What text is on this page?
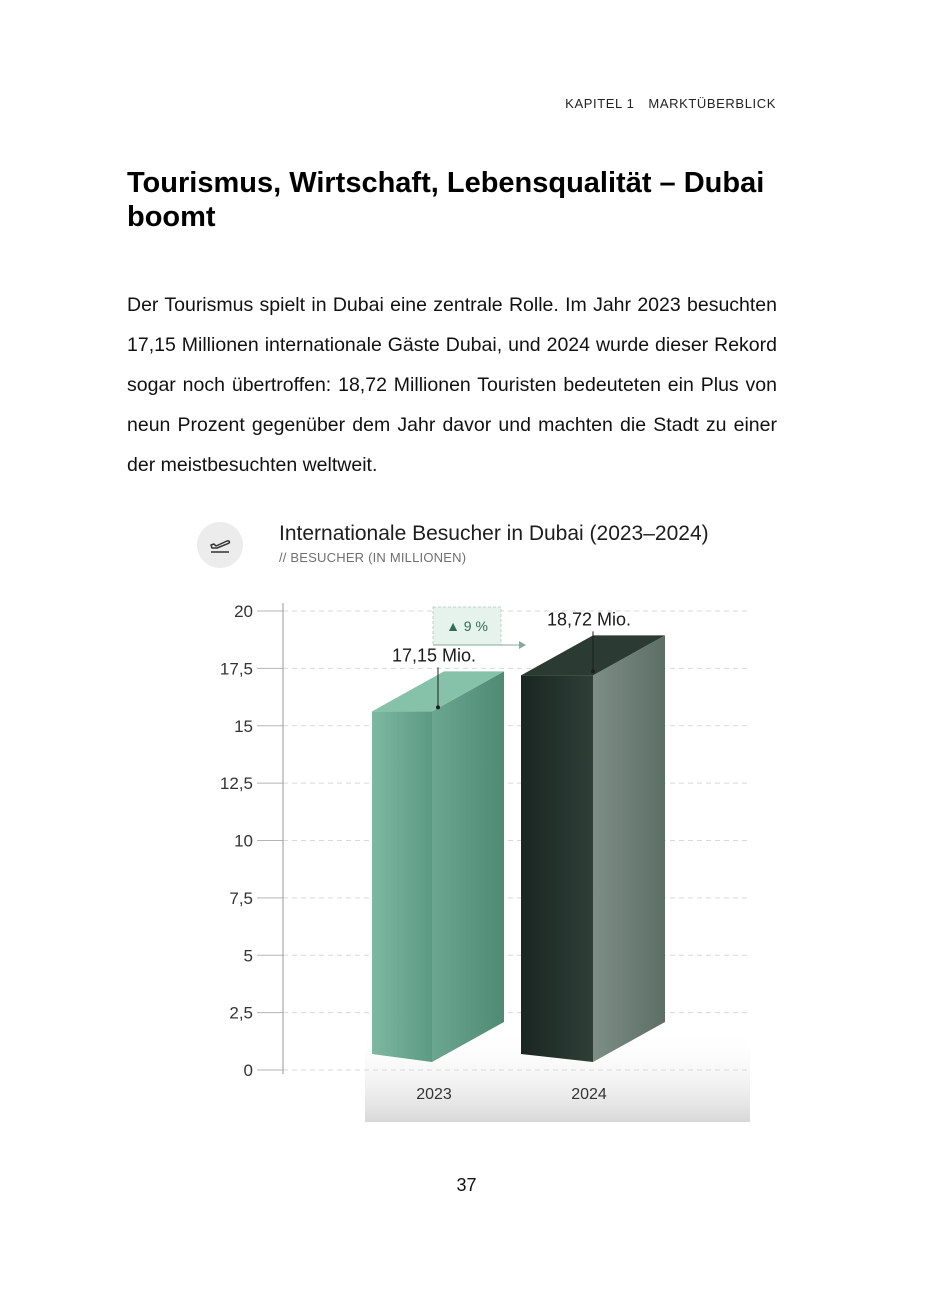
KAPITEL 1 MARKTÜBERBLICK
Tourismus, Wirtschaft, Lebensqualität – Dubai boomt

Der Tourismus spielt in Dubai eine zentrale Rolle. Im Jahr 2023 besuchten 17,15 Millionen internationale Gäste Dubai, und 2024 wurde dieser Rekord sogar noch übertroffen: 18,72 Millionen Touristen bedeuteten ein Plus von neun Prozent gegenüber dem Jahr davor und machten die Stadt zu einer der meistbesuchten weltweit.

Internationale Besucher in Dubai (2023–2024)
// BESUCHER (IN MILLIONEN)
0
2,5
5
7,5
10
12,5
15
17,5
20
2023	2024
17,15 Mio.
18,72 Mio.
▲ 9 %
37
